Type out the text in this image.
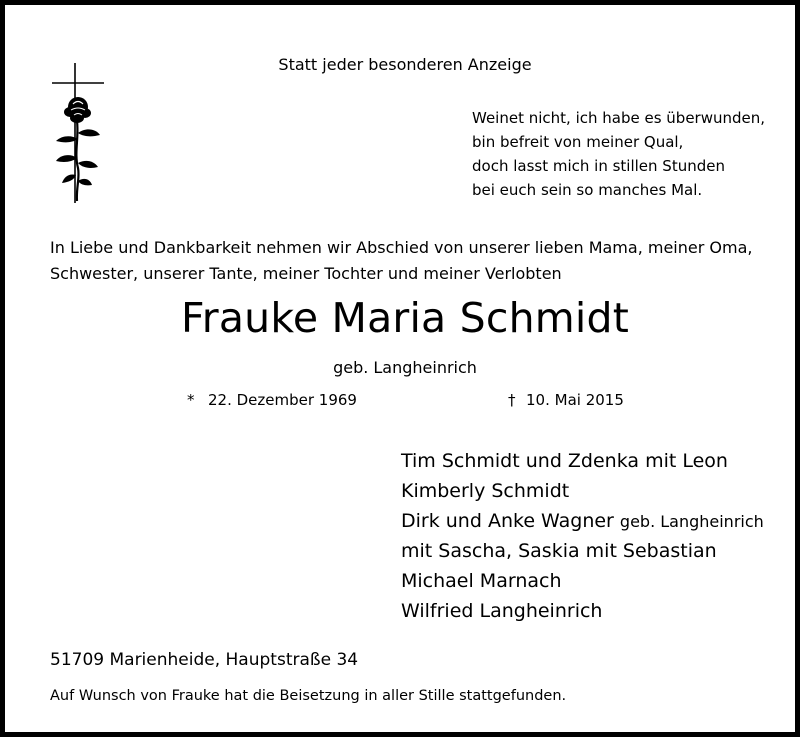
Statt jeder besonderen Anzeige
Weinet nicht, ich habe es überwunden,
bin befreit von meiner Qual,
doch lasst mich in stillen Stunden
bei euch sein so manches Mal.
In Liebe und Dankbarkeit nehmen wir Abschied von unserer lieben Mama, meiner Oma,
Schwester, unserer Tante, meiner Tochter und meiner Verlobten
Frauke Maria Schmidt
geb. Langheinrich
* 22. Dezember 1969	† 10. Mai 2015
Tim Schmidt und Zdenka mit Leon
Kimberly Schmidt
Dirk und Anke Wagner geb. Langheinrich
mit Sascha, Saskia mit Sebastian
Michael Marnach
Wilfried Langheinrich
51709 Marienheide, Hauptstraße 34
Auf Wunsch von Frauke hat die Beisetzung in aller Stille stattgefunden.
